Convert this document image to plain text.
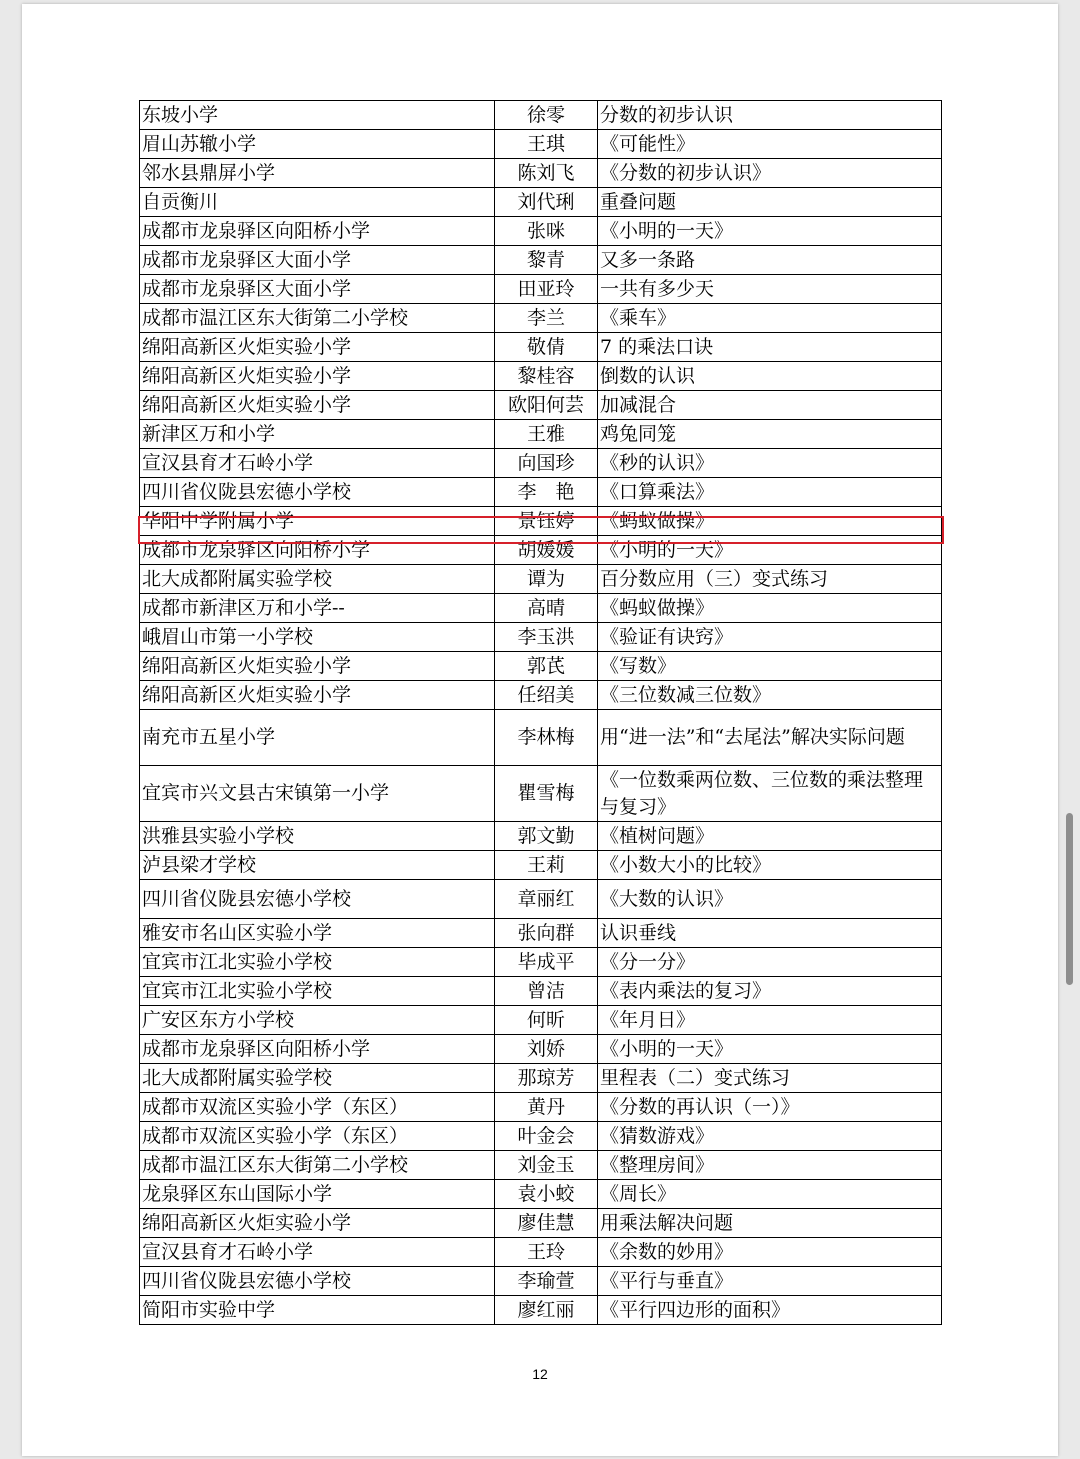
东坡小学	徐零	分数的初步认识
眉山苏辙小学	王琪	《可能性》
邻水县鼎屏小学	陈刘飞	《分数的初步认识》
自贡衡川	刘代琍	重叠问题
成都市龙泉驿区向阳桥小学	张咪	《小明的一天》
成都市龙泉驿区大面小学	黎青	又多一条路
成都市龙泉驿区大面小学	田亚玲	一共有多少天
成都市温江区东大街第二小学校	李兰	《乘车》
绵阳高新区火炬实验小学	敬倩	7 的乘法口诀
绵阳高新区火炬实验小学	黎桂容	倒数的认识
绵阳高新区火炬实验小学	欧阳何芸	加减混合
新津区万和小学	王雅	鸡兔同笼
宣汉县育才石岭小学	向国珍	《秒的认识》
四川省仪陇县宏德小学校	李　艳	《口算乘法》
华阳中学附属小学	景钰婷	《蚂蚁做操》
成都市龙泉驿区向阳桥小学	胡媛媛	《小明的一天》
北大成都附属实验学校	谭为	百分数应用（三）变式练习
成都市新津区万和小学--	高晴	《蚂蚁做操》
峨眉山市第一小学校	李玉洪	《验证有诀窍》
绵阳高新区火炬实验小学	郭芪	《写数》
绵阳高新区火炬实验小学	任绍美	《三位数减三位数》
南充市五星小学	李林梅	用“进一法”和“去尾法”解决实际问题
宜宾市兴文县古宋镇第一小学	瞿雪梅	《一位数乘两位数、三位数的乘法整理与复习》
洪雅县实验小学校	郭文勤	《植树问题》
泸县梁才学校	王莉	《小数大小的比较》
四川省仪陇县宏德小学校	章丽红	《大数的认识》
雅安市名山区实验小学	张向群	认识垂线
宜宾市江北实验小学校	毕成平	《分一分》
宜宾市江北实验小学校	曾洁	《表内乘法的复习》
广安区东方小学校	何昕	《年月日》
成都市龙泉驿区向阳桥小学	刘娇	《小明的一天》
北大成都附属实验学校	那琼芳	里程表（二）变式练习
成都市双流区实验小学（东区）	黄丹	《分数的再认识（一）》
成都市双流区实验小学（东区）	叶金会	《猜数游戏》
成都市温江区东大街第二小学校	刘金玉	《整理房间》
龙泉驿区东山国际小学	袁小蛟	《周长》
绵阳高新区火炬实验小学	廖佳慧	用乘法解决问题
宣汉县育才石岭小学	王玲	《余数的妙用》
四川省仪陇县宏德小学校	李瑜萱	《平行与垂直》
简阳市实验中学	廖红丽	《平行四边形的面积》
12
